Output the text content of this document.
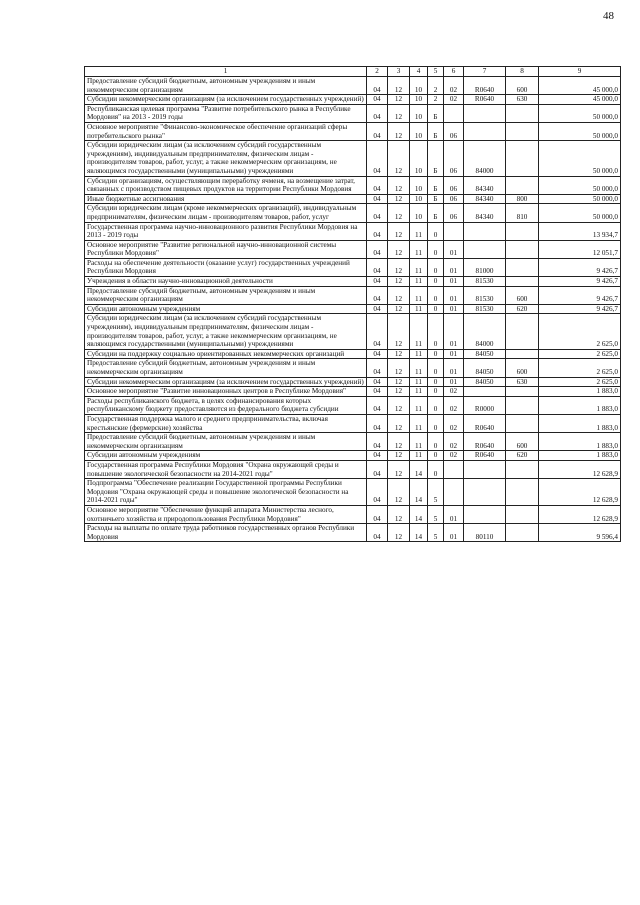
48
1	2	3	4	5	6	7	8	9
Предоставление субсидий бюджетным, автономным учреждениям и иным некоммерческим организациям	04	12	10	2	02	R0640	600	45 000,0
Субсидии некоммерческим организациям (за исключением государственных учреждений)	04	12	10	2	02	R0640	630	45 000,0
Республиканская целевая программа "Развитие потребительского рынка в Республике Мордовия" на 2013 - 2019 годы	04	12	10	Б				50 000,0
Основное мероприятие "Финансово-экономическое обеспечение организаций сферы потребительского рынка"	04	12	10	Б	06			50 000,0
Субсидии юридическим лицам (за исключением субсидий государственным учреждениям), индивидуальным предпринимателям, физическим лицам - производителям товаров, работ, услуг, а также некоммерческим организациям, не являющимся государственными (муниципальными) учреждениями	04	12	10	Б	06	84000		50 000,0
Субсидии организациям, осуществляющим переработку ячменя, на возмещение затрат, связанных с производством пищевых продуктов на территории Республики Мордовия	04	12	10	Б	06	84340		50 000,0
Иные бюджетные ассигнования	04	12	10	Б	06	84340	800	50 000,0
Субсидии юридическим лицам (кроме некоммерческих организаций), индивидуальным предпринимателям, физическим лицам - производителям товаров, работ, услуг	04	12	10	Б	06	84340	810	50 000,0
Государственная программа научно-инновационного развития Республики Мордовия на 2013 - 2019 годы	04	12	11	0				13 934,7
Основное мероприятие "Развитие региональной научно-инновационной системы Республики Мордовия"	04	12	11	0	01			12 051,7
Расходы на обеспечение деятельности (оказание услуг) государственных учреждений Республики Мордовия	04	12	11	0	01	81000		9 426,7
Учреждения в области научно-инновационной деятельности	04	12	11	0	01	81530		9 426,7
Предоставление субсидий бюджетным, автономным учреждениям и иным некоммерческим организациям	04	12	11	0	01	81530	600	9 426,7
Субсидии автономным учреждениям	04	12	11	0	01	81530	620	9 426,7
Субсидии юридическим лицам (за исключением субсидий государственным учреждениям), индивидуальным предпринимателям, физическим лицам - производителям товаров, работ, услуг, а также некоммерческим организациям, не являющимся государственными (муниципальными) учреждениями	04	12	11	0	01	84000		2 625,0
Субсидии на поддержку социально ориентированных некоммерческих организаций	04	12	11	0	01	84050		2 625,0
Предоставление субсидий бюджетным, автономным учреждениям и иным некоммерческим организациям	04	12	11	0	01	84050	600	2 625,0
Субсидии некоммерческим организациям (за исключением государственных учреждений)	04	12	11	0	01	84050	630	2 625,0
Основное мероприятие "Развитие инновационных центров в Республике Мордовия"	04	12	11	0	02			1 883,0
Расходы республиканского бюджета, в целях софинансирования которых республиканскому бюджету предоставляются из федерального бюджета субсидии	04	12	11	0	02	R0000		1 883,0
Государственная поддержка малого и среднего предпринимательства, включая крестьянские (фермерские) хозяйства	04	12	11	0	02	R0640		1 883,0
Предоставление субсидий бюджетным, автономным учреждениям и иным некоммерческим организациям	04	12	11	0	02	R0640	600	1 883,0
Субсидии автономным учреждениям	04	12	11	0	02	R0640	620	1 883,0
Государственная программа Республики Мордовия "Охрана окружающей среды и повышение экологической безопасности на 2014-2021 годы"	04	12	14	0				12 628,9
Подпрограмма "Обеспечение реализации Государственной программы Республики Мордовия "Охрана окружающей среды и повышение экологической безопасности на 2014-2021 годы"	04	12	14	5				12 628,9
Основное мероприятие "Обеспечение функций аппарата Министерства лесного, охотничьего хозяйства и природопользования Республики Мордовия"	04	12	14	5	01			12 628,9
Расходы на выплаты по оплате труда работников государственных органов Республики Мордовия	04	12	14	5	01	80110		9 596,4
